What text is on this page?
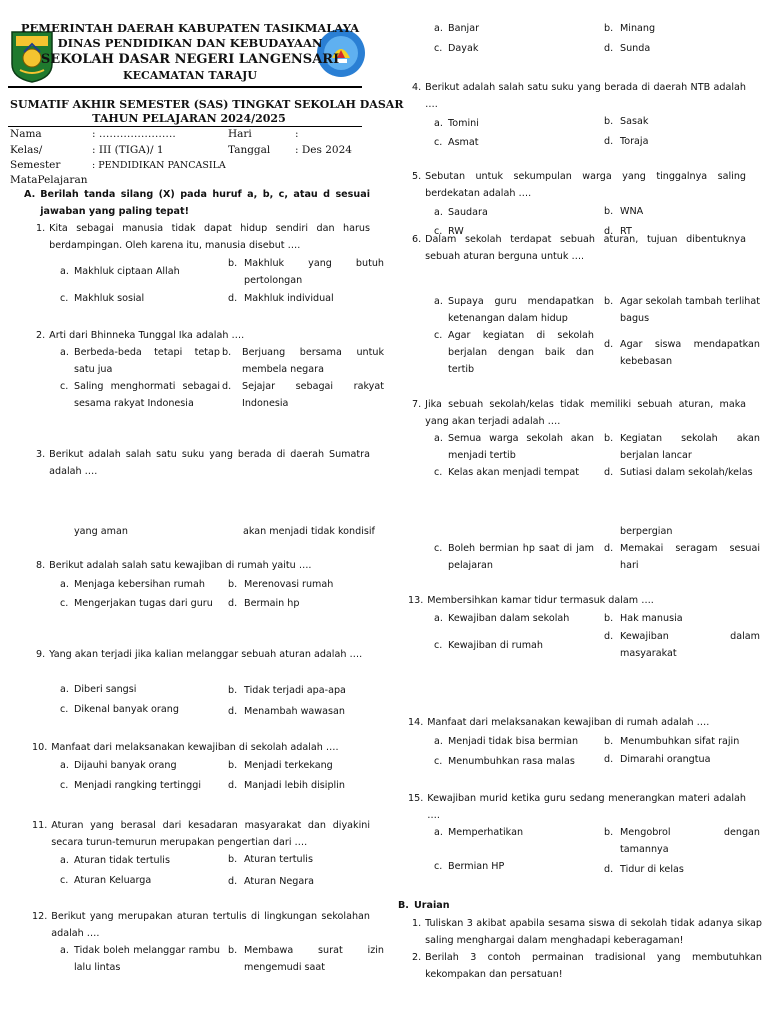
PEMERINTAH DAERAH KABUPATEN TASIKMALAYA
DINAS PENDIDIKAN DAN KEBUDAYAAN
SEKOLAH DASAR NEGERI LANGENSARI
KECAMATAN TARAJU
SUMATIF AKHIR SEMESTER (SAS) TINGKAT SEKOLAH DASAR
TAHUN PELAJARAN 2024/2025
Nama	: ………………….	Hari	:
Kelas/	: III (TIGA)/ 1	Tanggal : Des 2024
Semester	: PENDIDIKAN PANCASILA
MataPelajaran
A. Berilah tanda silang (X) pada huruf a, b, c, atau d sesuai jawaban yang paling tepat!
1. Kita sebagai manusia tidak dapat hidup sendiri dan harus berdampingan. Oleh karena itu, manusia disebut ….
a. Makhluk ciptaan Allah
b. Makhluk yang butuh pertolongan
c. Makhluk sosial	d. Makhluk individual
2. Arti dari Bhinneka Tunggal Ika adalah ….
a. Berbeda-beda tetapi tetap satu jua
b.	Berjuang bersama untuk membela negara
c. Saling menghormati sebagai sesama rakyat Indonesia
d.	Sejajar sebagai rakyat Indonesia
3. Berikut adalah salah satu suku yang berada di daerah Sumatra adalah ….
yang aman	akan menjadi tidak kondisif
8. Berikut adalah salah satu kewajiban di rumah yaitu ….
a. Menjaga kebersihan rumah	b. Merenovasi rumah
c. Mengerjakan tugas dari guru	d. Bermain hp
9. Yang akan terjadi jika kalian melanggar sebuah aturan adalah ….
a. Diberi sangsi	b. Tidak terjadi apa-apa
c. Dikenal banyak orang	d. Menambah wawasan
10. Manfaat dari melaksanakan kewajiban di sekolah adalah ….
a. Dijauhi banyak orang	b. Menjadi terkekang
c. Menjadi rangking tertinggi	d. Manjadi lebih disiplin
11. Aturan yang berasal dari kesadaran masyarakat dan diyakini secara turun-temurun merupakan pengertian dari ….
a. Aturan tidak tertulis	b. Aturan tertulis
c. Aturan Keluarga	d. Aturan Negara
12. Berikut yang merupakan aturan tertulis di lingkungan sekolahan adalah ….
a. Tidak boleh melanggar rambu lalu lintas
b. Membawa surat izin mengemudi saat
a. Banjar	b. Minang
c. Dayak	d. Sunda
4. Berikut adalah salah satu suku yang berada di daerah NTB adalah ….
a. Tomini	b. Sasak
c. Asmat	d. Toraja
5. Sebutan untuk sekumpulan warga yang tinggalnya saling berdekatan adalah ….
a. Saudara	b. WNA
c. RW	d. RT
6. Dalam sekolah terdapat sebuah aturan, tujuan dibentuknya sebuah aturan berguna untuk ….
a. Supaya guru mendapatkan ketenangan dalam hidup
b. Agar sekolah tambah terlihat bagus
c. Agar kegiatan di sekolah berjalan dengan baik dan tertib
d. Agar siswa mendapatkan kebebasan
7. Jika sebuah sekolah/kelas tidak memiliki sebuah aturan, maka yang akan terjadi adalah ….
a. Semua warga sekolah akan menjadi tertib
b. Kegiatan sekolah akan berjalan lancar
c. Kelas akan menjadi tempat	d. Sutiasi dalam sekolah/kelas
berpergian
c. Boleh bermian hp saat di jam pelajaran
d. Memakai seragam sesuai hari
13. Membersihkan kamar tidur termasuk dalam ….
a. Kewajiban dalam sekolah	b. Hak manusia
c. Kewajiban di rumah
d. Kewajiban dalam masyarakat
14. Manfaat dari melaksanakan kewajiban di rumah adalah ….
a. Menjadi tidak bisa bermian	b. Menumbuhkan sifat rajin
c. Menumbuhkan rasa malas	d. Dimarahi orangtua
15. Kewajiban murid ketika guru sedang menerangkan materi adalah ….
a. Memperhatikan	b. Mengobrol dengan tamannya
c. Bermian HP	d. Tidur di kelas
B. Uraian
1. Tuliskan 3 akibat apabila sesama siswa di sekolah tidak adanya sikap saling menghargai dalam menghadapi keberagaman!
2. Berilah 3 contoh permainan tradisional yang membutuhkan kekompakan dan persatuan!
